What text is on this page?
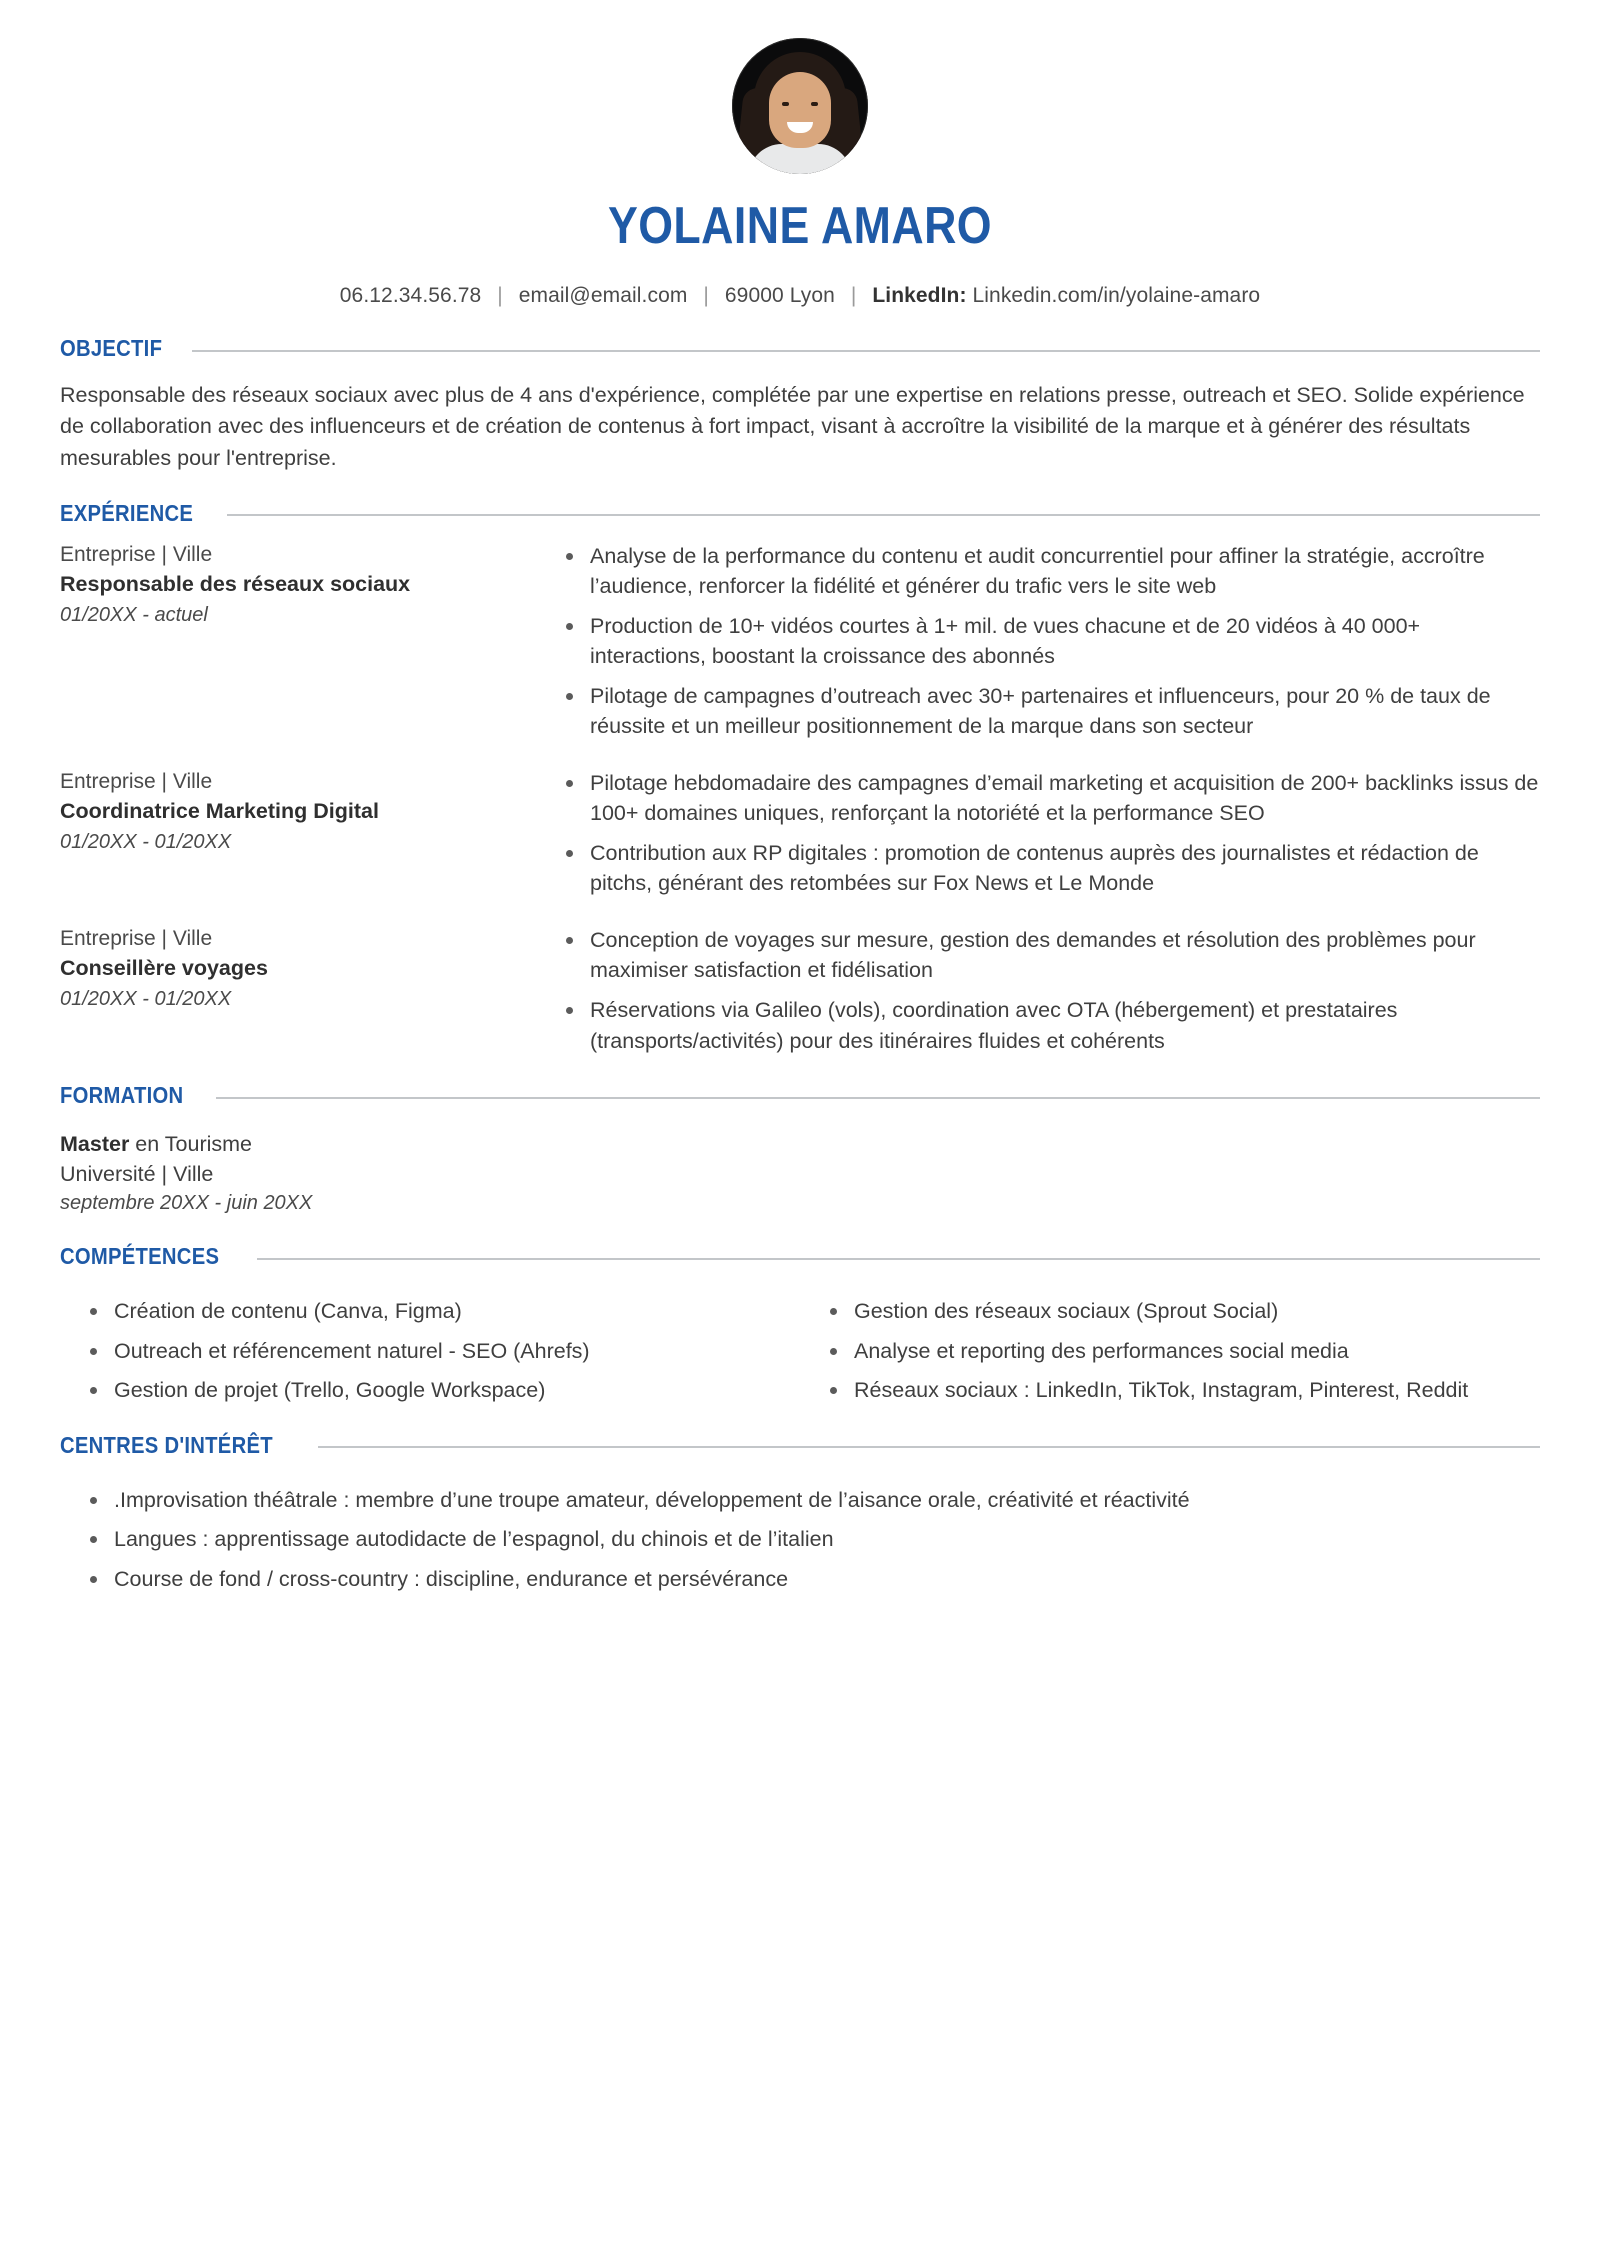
YOLAINE AMARO
06.12.34.56.78 | email@email.com | 69000 Lyon | LinkedIn: Linkedin.com/in/yolaine-amaro
OBJECTIF
Responsable des réseaux sociaux avec plus de 4 ans d'expérience, complétée par une expertise en relations presse, outreach et SEO. Solide expérience de collaboration avec des influenceurs et de création de contenus à fort impact, visant à accroître la visibilité de la marque et à générer des résultats mesurables pour l'entreprise.
EXPÉRIENCE
Entreprise | Ville
Responsable des réseaux sociaux
01/20XX - actuel
Analyse de la performance du contenu et audit concurrentiel pour affiner la stratégie, accroître l’audience, renforcer la fidélité et générer du trafic vers le site web
Production de 10+ vidéos courtes à 1+ mil. de vues chacune et de 20 vidéos à 40 000+ interactions, boostant la croissance des abonnés
Pilotage de campagnes d’outreach avec 30+ partenaires et influenceurs, pour 20 % de taux de réussite et un meilleur positionnement de la marque dans son secteur
Entreprise | Ville
Coordinatrice Marketing Digital
01/20XX - 01/20XX
Pilotage hebdomadaire des campagnes d’email marketing et acquisition de 200+ backlinks issus de 100+ domaines uniques, renforçant la notoriété et la performance SEO
Contribution aux RP digitales : promotion de contenus auprès des journalistes et rédaction de pitchs, générant des retombées sur Fox News et Le Monde
Entreprise | Ville
Conseillère voyages
01/20XX - 01/20XX
Conception de voyages sur mesure, gestion des demandes et résolution des problèmes pour maximiser satisfaction et fidélisation
Réservations via Galileo (vols), coordination avec OTA (hébergement) et prestataires (transports/activités) pour des itinéraires fluides et cohérents
FORMATION
Master en Tourisme
Université | Ville
septembre 20XX - juin 20XX
COMPÉTENCES
Création de contenu (Canva, Figma)
Outreach et référencement naturel - SEO (Ahrefs)
Gestion de projet (Trello, Google Workspace)
Gestion des réseaux sociaux (Sprout Social)
Analyse et reporting des performances social media
Réseaux sociaux : LinkedIn, TikTok, Instagram, Pinterest, Reddit
CENTRES D'INTÉRÊT
.Improvisation théâtrale : membre d’une troupe amateur, développement de l’aisance orale, créativité et réactivité
Langues : apprentissage autodidacte de l’espagnol, du chinois et de l’italien
Course de fond / cross-country : discipline, endurance et persévérance
